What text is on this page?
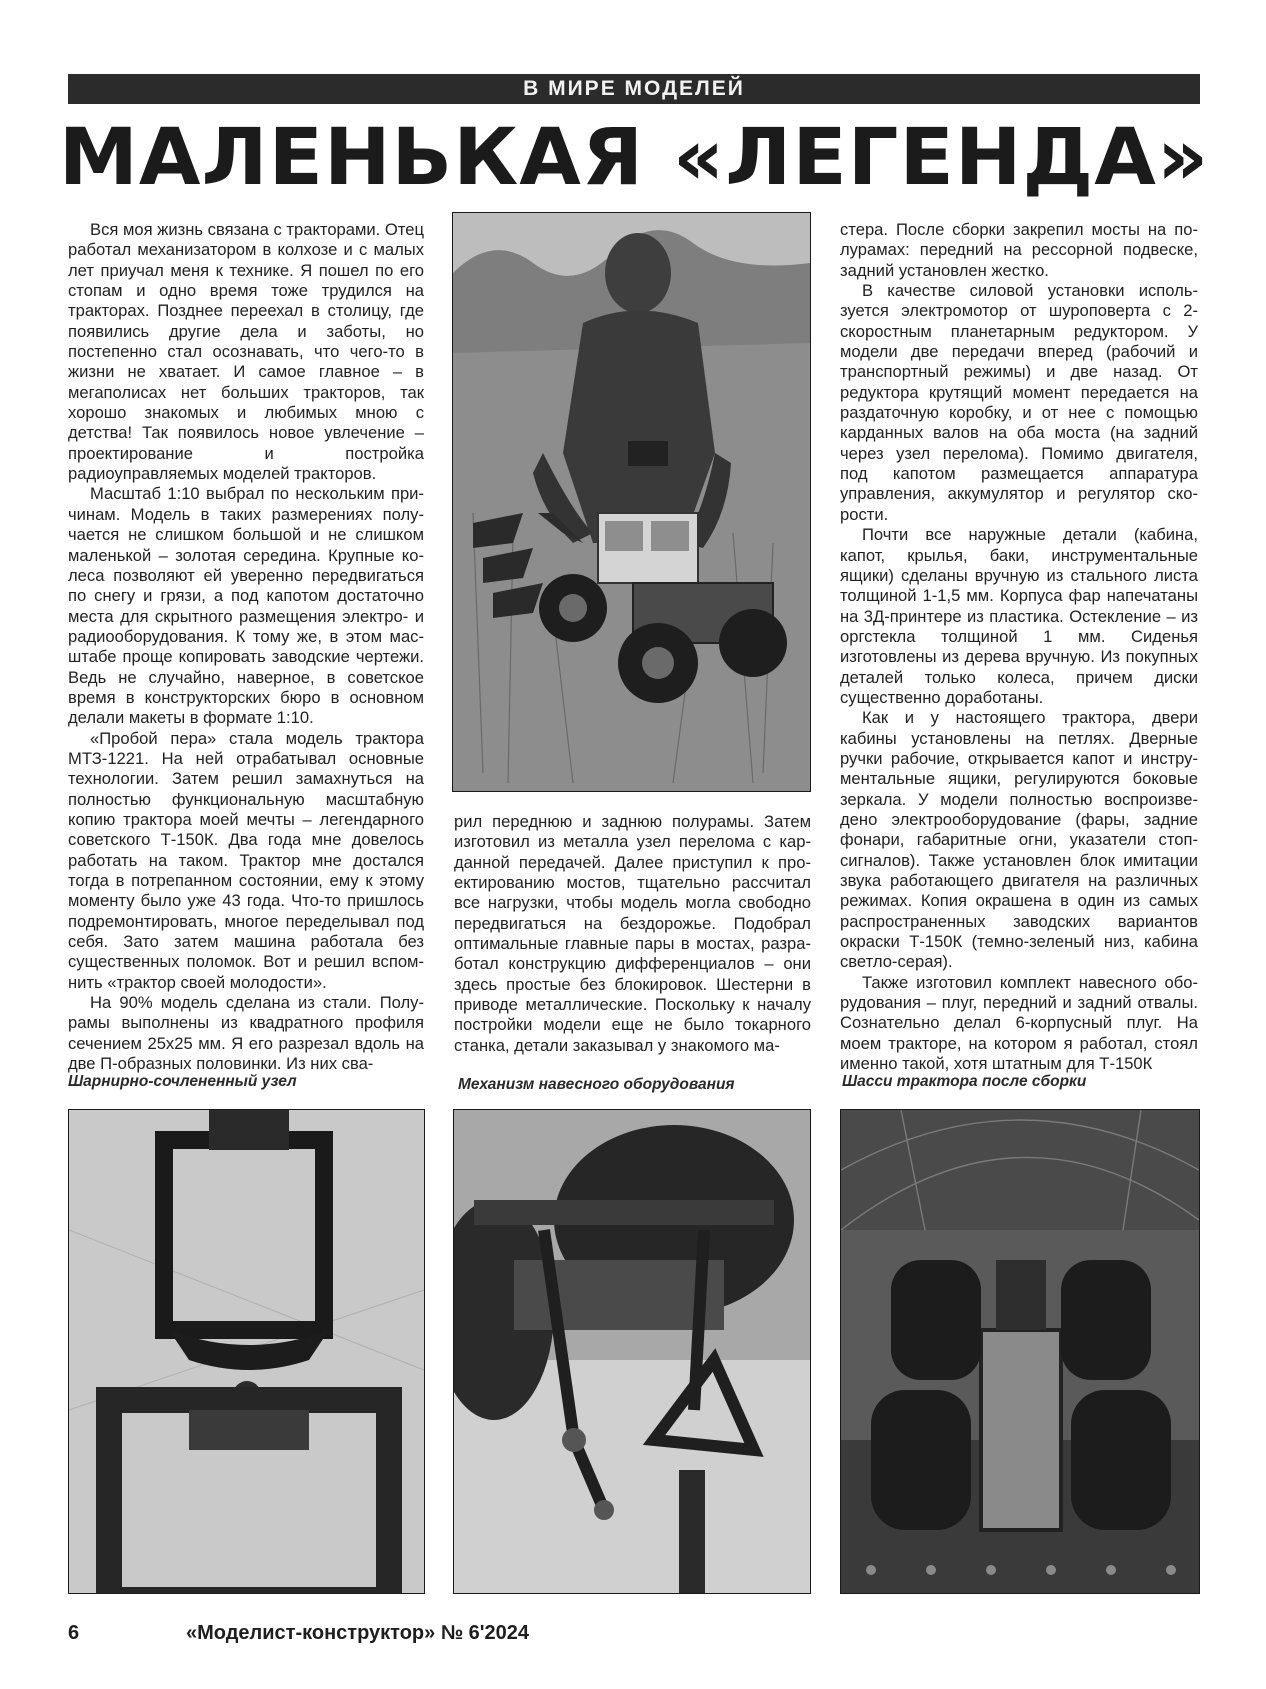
В МИРЕ МОДЕЛЕЙ
МАЛЕНЬКАЯ «ЛЕГЕНДА»

Вся моя жизнь связана с тракторами. Отец работал механизатором в колхозе и с малых лет приучал меня к технике. Я пошел по его стопам и одно время тоже трудился на тракторах. Позднее переехал в столицу, где появились другие дела и заботы, но постепенно стал осознавать, что чего-то в жизни не хватает. И самое главное – в мегаполисах нет больших тракторов, так хорошо знакомых и любимых мною с детства! Так появилось новое увлечение – проектирование и постройка радиоуправляемых моделей тракторов.

Масштаб 1:10 выбрал по нескольким причинам. Модель в таких размерениях получается не слишком большой и не слишком маленькой – золотая середина. Крупные колеса позволяют ей уверенно передвигаться по снегу и грязи, а под капотом достаточно места для скрытного размещения электро- и радиооборудования. К тому же, в этом масштабе проще копировать заводские чертежи. Ведь не случайно, наверное, в советское время в конструкторских бюро в основном делали макеты в формате 1:10.

«Пробой пера» стала модель трактора МТЗ-1221. На ней отрабатывал основные технологии. Затем решил замахнуться на полностью функциональную масштабную копию трактора моей мечты – легендарного советского Т-150К. Два года мне довелось работать на таком. Трактор мне достался тогда в потрепанном состоянии, ему к этому моменту было уже 43 года. Что-то пришлось подремонтировать, многое переделывал под себя. Зато затем машина работала без существенных поломок. Вот и решил вспомнить «трактор своей молодости».

На 90% модель сделана из стали. Полурамы выполнены из квадратного профиля сечением 25х25 мм. Я его разрезал вдоль на две П-образных половинки. Из них сва-

рил переднюю и заднюю полурамы. Затем изготовил из металла узел перелома с карданной передачей. Далее приступил к проектированию мостов, тщательно рассчитал все нагрузки, чтобы модель могла свободно передвигаться на бездорожье. Подобрал оптимальные главные пары в мостах, разработал конструкцию дифференциалов – они здесь простые без блокировок. Шестерни в приводе металлические. Поскольку к началу постройки модели еще не было токарного станка, детали заказывал у знакомого ма-

стера. После сборки закрепил мосты на полурамах: передний на рессорной подвеске, задний установлен жестко.

В качестве силовой установки используется электромотор от шуроповерта с 2-скоростным планетарным редуктором. У модели две передачи вперед (рабочий и транспортный режимы) и две назад. От редуктора крутящий момент передается на раздаточную коробку, и от нее с помощью карданных валов на оба моста (на задний через узел перелома). Помимо двигателя, под капотом размещается аппаратура управления, аккумулятор и регулятор скорости.

Почти все наружные детали (кабина, капот, крылья, баки, инструментальные ящики) сделаны вручную из стального листа толщиной 1-1,5 мм. Корпуса фар напечатаны на 3Д-принтере из пластика. Остекление – из оргстекла толщиной 1 мм. Сиденья изготовлены из дерева вручную. Из покупных деталей только колеса, причем диски существенно доработаны.

Как и у настоящего трактора, двери кабины установлены на петлях. Дверные ручки рабочие, открывается капот и инструментальные ящики, регулируются боковые зеркала. У модели полностью воспроизведено электрооборудование (фары, задние фонари, габаритные огни, указатели стопсигналов). Также установлен блок имитации звука работающего двигателя на различных режимах. Копия окрашена в один из самых распространенных заводских вариантов окраски Т-150К (темно-зеленый низ, кабина светло-серая).

Также изготовил комплект навесного оборудования – плуг, передний и задний отвалы. Сознательно делал 6-корпусный плуг. На моем тракторе, на котором я работал, стоял именно такой, хотя штатным для Т-150К

Шарнирно-сочлененный узел	Механизм навесного оборудования	Шасси трактора после сборки
6	«Моделист-конструктор» № 6'2024
